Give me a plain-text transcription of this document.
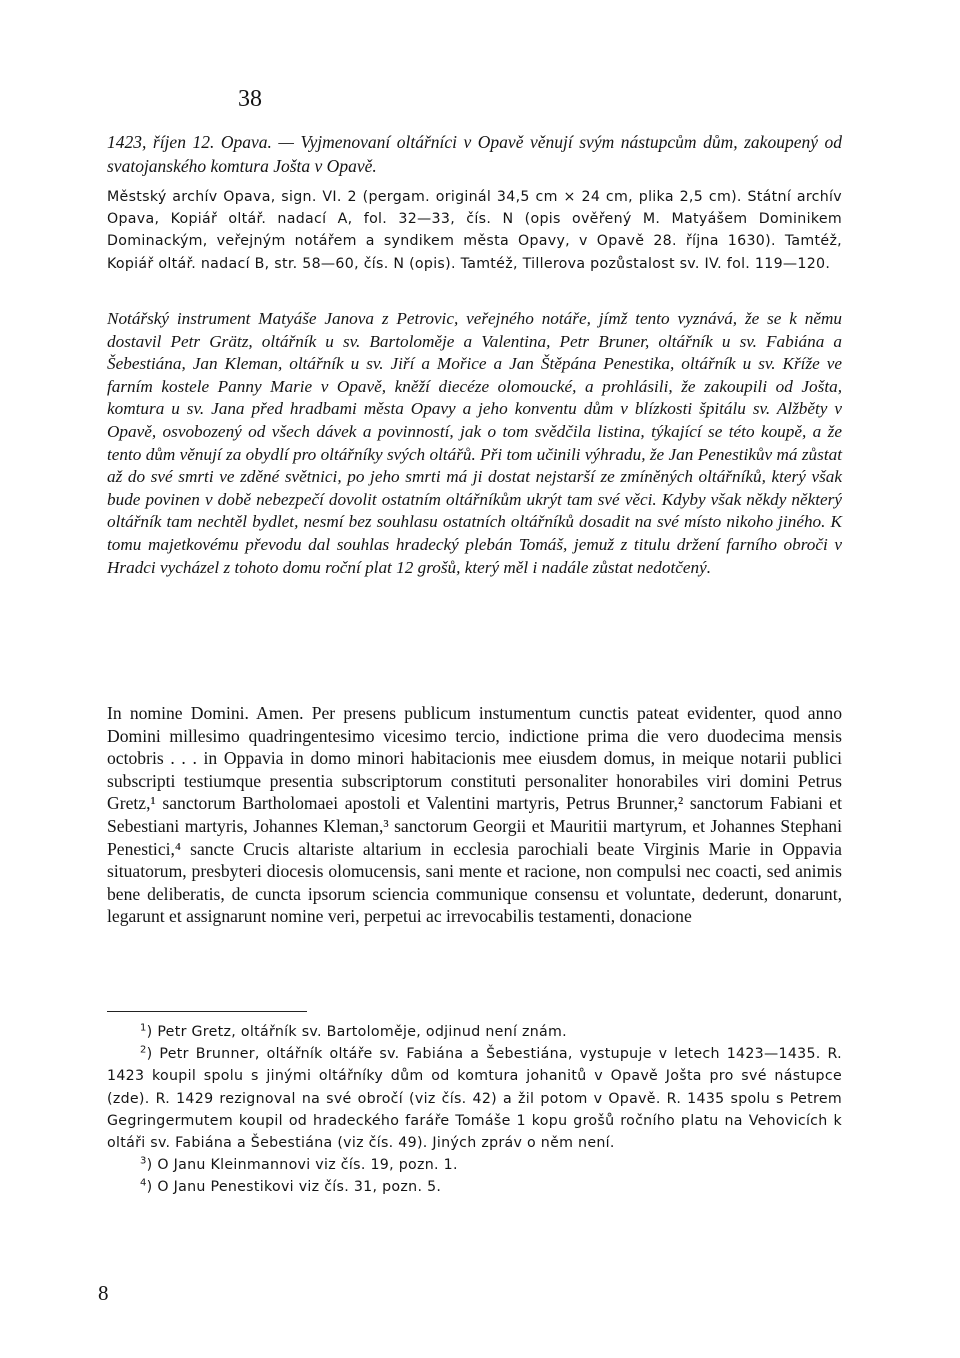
38
1423, říjen 12. Opava. — Vyjmenovaní oltářníci v Opavě věnují svým nástupcům dům, zakoupený od svatojanského komtura Jošta v Opavě.
Městský archív Opava, sign. VI. 2 (pergam. originál 34,5 cm × 24 cm, plika 2,5 cm). Státní archív Opava, Kopiář oltář. nadací A, fol. 32—33, čís. N (opis ověřený M. Matyášem Dominikem Dominackým, veřejným notářem a syndikem města Opavy, v Opavě 28. října 1630). Tamtéž, Kopiář oltář. nadací B, str. 58—60, čís. N (opis). Tamtéž, Tillerova pozůstalost sv. IV. fol. 119—120.
Notářský instrument Matyáše Janova z Petrovic, veřejného notáře, jímž tento vyznává, že se k němu dostavil Petr Grätz, oltářník u sv. Bartoloměje a Valentina, Petr Bruner, oltářník u sv. Fabiána a Šebestiána, Jan Kleman, oltářník u sv. Jiří a Mořice a Jan Štěpána Penestika, oltářník u sv. Kříže ve farním kostele Panny Marie v Opavě, kněží diecéze olomoucké, a prohlásili, že zakoupili od Jošta, komtura u sv. Jana před hradbami města Opavy a jeho konventu dům v blízkosti špitálu sv. Alžběty v Opavě, osvobozený od všech dávek a povinností, jak o tom svědčila listina, týkající se této koupě, a že tento dům věnují za obydlí pro oltářníky svých oltářů. Při tom učinili výhradu, že Jan Penestikův má zůstat až do své smrti ve zděné světnici, po jeho smrti má ji dostat nejstarší ze zmíněných oltářníků, který však bude povinen v době nebezpečí dovolit ostatním oltářníkům ukrýt tam své věci. Kdyby však někdy některý oltářník tam nechtěl bydlet, nesmí bez souhlasu ostatních oltářníků dosadit na své místo nikoho jiného. K tomu majetkovému převodu dal souhlas hradecký plebán Tomáš, jemuž z titulu držení farního obroči v Hradci vycházel z tohoto domu roční plat 12 grošů, který měl i nadále zůstat nedotčený.
In nomine Domini. Amen. Per presens publicum instumentum cunctis pateat evidenter, quod anno Domini millesimo quadringentesimo vicesimo tercio, indictione prima die vero duodecima mensis octobris . . . in Oppavia in domo minori habitacionis mee eiusdem domus, in meique notarii publici subscripti testiumque presentia subscriptorum constituti personaliter honorabiles viri domini Petrus Gretz,¹ sanctorum Bartholomaei apostoli et Valentini martyris, Petrus Brunner,² sanctorum Fabiani et Sebestiani martyris, Johannes Kleman,³ sanctorum Georgii et Mauritii martyrum, et Johannes Stephani Penestici,⁴ sancte Crucis altariste altarium in ecclesia parochiali beate Virginis Marie in Oppavia situatorum, presbyteri diocesis olomucensis, sani mente et racione, non compulsi nec coacti, sed animis bene deliberatis, de cuncta ipsorum sciencia communique consensu et voluntate, dederunt, donarunt, legarunt et assignarunt nomine veri, perpetui ac irrevocabilis testamenti, donacione

$^1$) Petr Gretz, oltářník sv. Bartoloměje, odjinud není znám.

$^2$) Petr Brunner, oltářník oltáře sv. Fabiána a Šebestiána, vystupuje v letech 1423—1435. R. 1423 koupil spolu s jinými oltářníky dům od komtura johanitů v Opavě Jošta pro své nástupce (zde). R. 1429 rezignoval na své obročí (viz čís. 42) a žil potom v Opavě. R. 1435 spolu s Petrem Gegringermutem koupil od hradeckého faráře Tomáše 1 kopu grošů ročního platu na Vehovicích k oltáři sv. Fabiána a Šebestiána (viz čís. 49). Jiných zpráv o něm není.

$^3$) O Janu Kleinmannovi viz čís. 19, pozn. 1.

$^4$) O Janu Penestikovi viz čís. 31, pozn. 5.

8
